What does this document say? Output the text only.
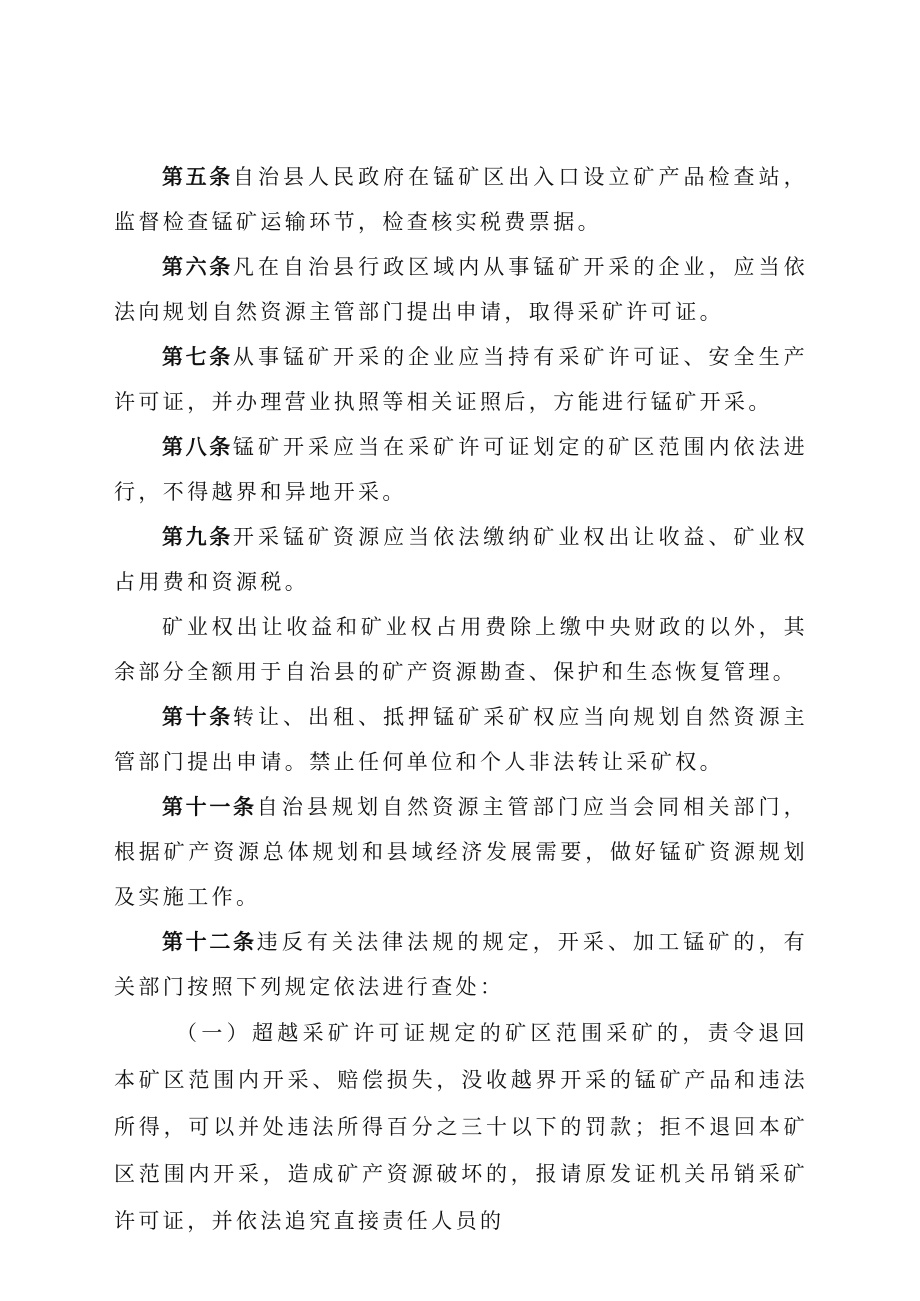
第五条自治县人民政府在锰矿区出入口设立矿产品检查站，监督检查锰矿运输环节，检查核实税费票据。

第六条凡在自治县行政区域内从事锰矿开采的企业，应当依法向规划自然资源主管部门提出申请，取得采矿许可证。

第七条从事锰矿开采的企业应当持有采矿许可证、安全生产许可证，并办理营业执照等相关证照后，方能进行锰矿开采。

第八条锰矿开采应当在采矿许可证划定的矿区范围内依法进行，不得越界和异地开采。

第九条开采锰矿资源应当依法缴纳矿业权出让收益、矿业权占用费和资源税。

矿业权出让收益和矿业权占用费除上缴中央财政的以外，其余部分全额用于自治县的矿产资源勘查、保护和生态恢复管理。

第十条转让、出租、抵押锰矿采矿权应当向规划自然资源主管部门提出申请。禁止任何单位和个人非法转让采矿权。

第十一条自治县规划自然资源主管部门应当会同相关部门，根据矿产资源总体规划和县域经济发展需要，做好锰矿资源规划及实施工作。

第十二条违反有关法律法规的规定，开采、加工锰矿的，有关部门按照下列规定依法进行查处：

（一）超越采矿许可证规定的矿区范围采矿的，责令退回本矿区范围内开采、赔偿损失，没收越界开采的锰矿产品和违法所得，可以并处违法所得百分之三十以下的罚款；拒不退回本矿区范围内开采，造成矿产资源破坏的，报请原发证机关吊销采矿许可证，并依法追究直接责任人员的
